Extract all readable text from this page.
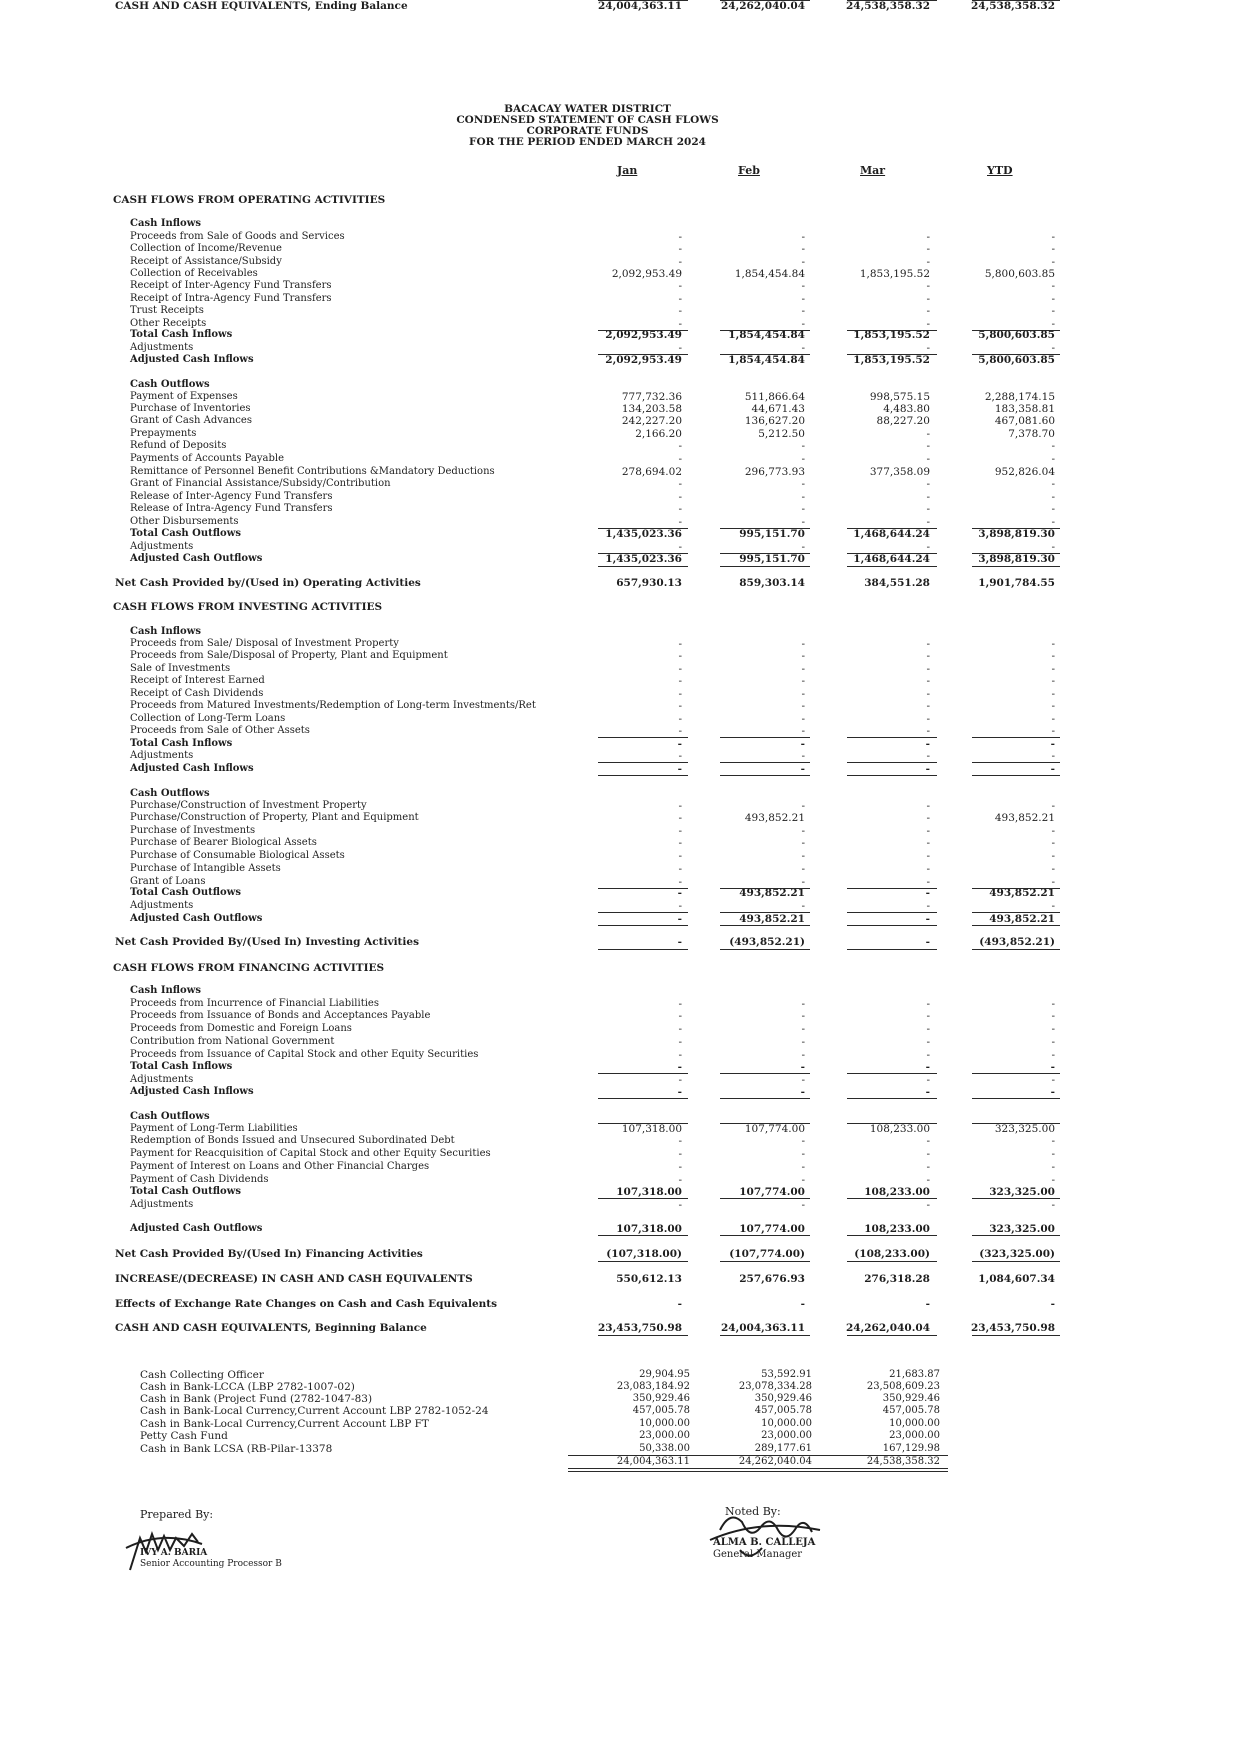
BACACAY WATER DISTRICT
CONDENSED STATEMENT OF CASH FLOWS
CORPORATE FUNDS
FOR THE PERIOD ENDED MARCH 2024
Jan	Feb	Mar	YTD
CASH FLOWS FROM OPERATING ACTIVITIES
Cash Inflows
Proceeds from Sale of Goods and Services	-	-	-	-
Collection of Income/Revenue	-	-	-	-
Receipt of Assistance/Subsidy	-	-	-	-
Collection of Receivables	2,092,953.49	1,854,454.84	1,853,195.52	5,800,603.85
Receipt of Inter-Agency Fund Transfers	-	-	-	-
Receipt of Intra-Agency Fund Transfers	-	-	-	-
Trust Receipts	-	-	-	-
Other Receipts	-	-	-	-
Total Cash Inflows	2,092,953.49	1,854,454.84	1,853,195.52	5,800,603.85
Adjustments	-	-	-	-
Adjusted Cash Inflows	2,092,953.49	1,854,454.84	1,853,195.52	5,800,603.85
Cash Outflows
Payment of Expenses	777,732.36	511,866.64	998,575.15	2,288,174.15
Purchase of Inventories	134,203.58	44,671.43	4,483.80	183,358.81
Grant of Cash Advances	242,227.20	136,627.20	88,227.20	467,081.60
Prepayments	2,166.20	5,212.50	-	7,378.70
Refund of Deposits	-	-	-	-
Payments of Accounts Payable	-	-	-	-
Remittance of Personnel Benefit Contributions &Mandatory Deductions	278,694.02	296,773.93	377,358.09	952,826.04
Grant of Financial Assistance/Subsidy/Contribution	-	-	-	-
Release of Inter-Agency Fund Transfers	-	-	-	-
Release of Intra-Agency Fund Transfers	-	-	-	-
Other Disbursements	-	-	-	-
Total Cash Outflows	1,435,023.36	995,151.70	1,468,644.24	3,898,819.30
Adjustments	-	-	-	-
Adjusted Cash Outflows	1,435,023.36	995,151.70	1,468,644.24	3,898,819.30
Net Cash Provided by/(Used in) Operating Activities	657,930.13	859,303.14	384,551.28	1,901,784.55
CASH FLOWS FROM INVESTING ACTIVITIES
Cash Inflows
Proceeds from Sale/ Disposal of Investment Property	-	-	-	-
Proceeds from Sale/Disposal of Property, Plant and Equipment	-	-	-	-
Sale of Investments	-	-	-	-
Receipt of Interest Earned	-	-	-	-
Receipt of Cash Dividends	-	-	-	-
Proceeds from Matured Investments/Redemption of Long-term Investments/Ret	-	-	-	-
Collection of Long-Term Loans	-	-	-	-
Proceeds from Sale of Other Assets	-	-	-	-
Total Cash Inflows	-	-	-	-
Adjustments	-	-	-	-
Adjusted Cash Inflows	-	-	-	-
Cash Outflows
Purchase/Construction of Investment Property	-	-	-	-
Purchase/Construction of Property, Plant and Equipment	-	493,852.21	-	493,852.21
Purchase of Investments	-	-	-	-
Purchase of Bearer Biological Assets	-	-	-	-
Purchase of Consumable Biological Assets	-	-	-	-
Purchase of Intangible Assets	-	-	-	-
Grant of Loans	-	-	-	-
Total Cash Outflows	-	493,852.21	-	493,852.21
Adjustments	-	-	-	-
Adjusted Cash Outflows	-	493,852.21	-	493,852.21
Net Cash Provided By/(Used In) Investing Activities	-	(493,852.21)	-	(493,852.21)
CASH FLOWS FROM FINANCING ACTIVITIES
Cash Inflows
Proceeds from Incurrence of Financial Liabilities	-	-	-	-
Proceeds from Issuance of Bonds and Acceptances Payable	-	-	-	-
Proceeds from Domestic and Foreign Loans	-	-	-	-
Contribution from National Government	-	-	-	-
Proceeds from Issuance of Capital Stock and other Equity Securities	-	-	-	-
Total Cash Inflows	-	-	-	-
Adjustments	-	-	-	-
Adjusted Cash Inflows	-	-	-	-
Cash Outflows
Payment of Long-Term Liabilities	107,318.00	107,774.00	108,233.00	323,325.00
Redemption of Bonds Issued and Unsecured Subordinated Debt	-	-	-	-
Payment for Reacquisition of Capital Stock and other Equity Securities	-	-	-	-
Payment of Interest on Loans and Other Financial Charges	-	-	-	-
Payment of Cash Dividends	-	-	-	-
Total Cash Outflows	107,318.00	107,774.00	108,233.00	323,325.00
Adjustments	-	-	-	-
Adjusted Cash Outflows	107,318.00	107,774.00	108,233.00	323,325.00
Net Cash Provided By/(Used In) Financing Activities	(107,318.00)	(107,774.00)	(108,233.00)	(323,325.00)
INCREASE/(DECREASE) IN CASH AND CASH EQUIVALENTS	550,612.13	257,676.93	276,318.28	1,084,607.34
Effects of Exchange Rate Changes on Cash and Cash Equivalents	-	-	-	-
CASH AND CASH EQUIVALENTS, Beginning Balance	23,453,750.98	24,004,363.11	24,262,040.04	23,453,750.98
CASH AND CASH EQUIVALENTS, Ending Balance	24,004,363.11	24,262,040.04	24,538,358.32	24,538,358.32
Cash Collecting Officer	29,904.95	53,592.91	21,683.87
Cash in Bank-LCCA (LBP 2782-1007-02)	23,083,184.92	23,078,334.28	23,508,609.23
Cash in Bank (Project Fund (2782-1047-83)	350,929.46	350,929.46	350,929.46
Cash in Bank-Local Currency,Current Account LBP 2782-1052-24	457,005.78	457,005.78	457,005.78
Cash in Bank-Local Currency,Current Account LBP FT	10,000.00	10,000.00	10,000.00
Petty Cash Fund	23,000.00	23,000.00	23,000.00
Cash in Bank LCSA (RB-Pilar-13378	50,338.00	289,177.61	167,129.98
24,004,363.11	24,262,040.04	24,538,358.32
Prepared By:
IVY A. BARIA
Senior Accounting Processor B
Noted By:
ALMA B. CALLEJA
General Manager
